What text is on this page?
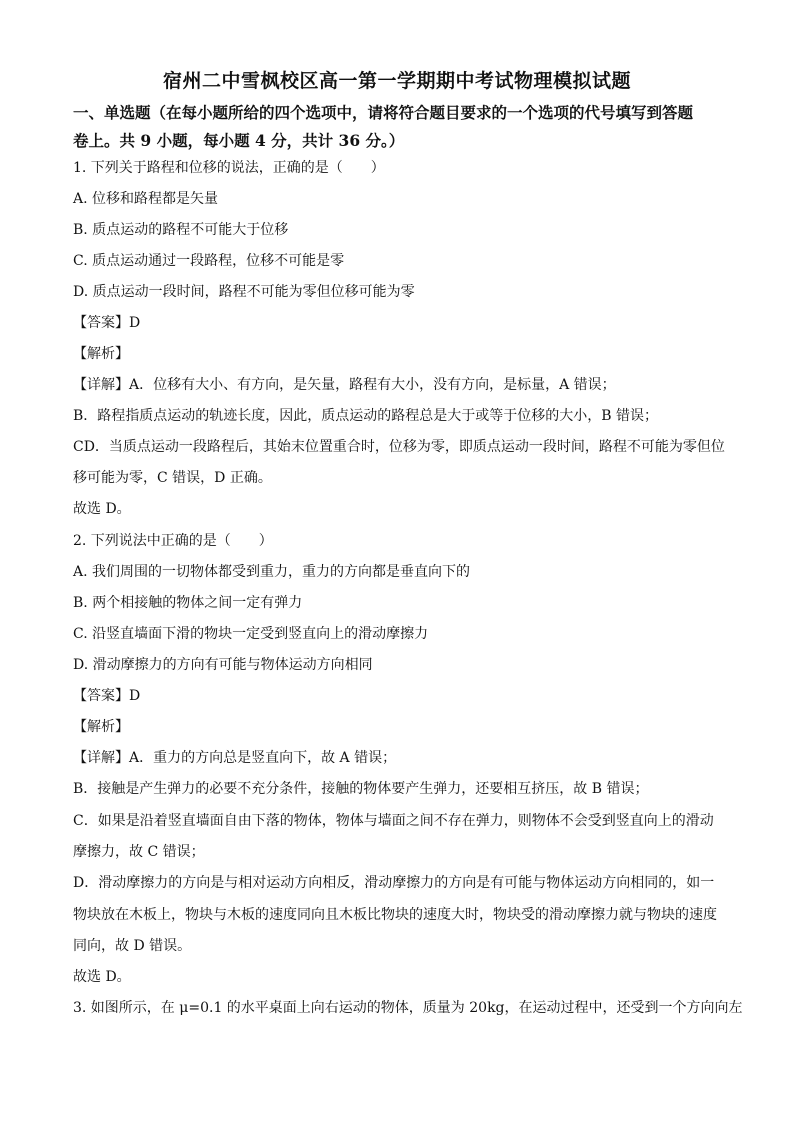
宿州二中雪枫校区高一第一学期期中考试物理模拟试题
一、单选题（在每小题所给的四个选项中，请将符合题目要求的一个选项的代号填写到答题
卷上。共 9 小题，每小题 4 分，共计 36 分。）
1. 下列关于路程和位移的说法，正确的是（　　）
A. 位移和路程都是矢量
B. 质点运动的路程不可能大于位移
C. 质点运动通过一段路程，位移不可能是零
D. 质点运动一段时间，路程不可能为零但位移可能为零
【答案】D
【解析】
【详解】A．位移有大小、有方向，是矢量，路程有大小，没有方向，是标量，A 错误；
B．路程指质点运动的轨迹长度，因此，质点运动的路程总是大于或等于位移的大小，B 错误；
CD．当质点运动一段路程后，其始末位置重合时，位移为零，即质点运动一段时间，路程不可能为零但位
移可能为零，C 错误，D 正确。
故选 D。
2. 下列说法中正确的是（　　）
A. 我们周围的一切物体都受到重力，重力的方向都是垂直向下的
B. 两个相接触的物体之间一定有弹力
C. 沿竖直墙面下滑的物块一定受到竖直向上的滑动摩擦力
D. 滑动摩擦力的方向有可能与物体运动方向相同
【答案】D
【解析】
【详解】A．重力的方向总是竖直向下，故 A 错误；
B．接触是产生弹力的必要不充分条件，接触的物体要产生弹力，还要相互挤压，故 B 错误；
C．如果是沿着竖直墙面自由下落的物体，物体与墙面之间不存在弹力，则物体不会受到竖直向上的滑动
摩擦力，故 C 错误；
D．滑动摩擦力的方向是与相对运动方向相反，滑动摩擦力的方向是有可能与物体运动方向相同的，如一
物块放在木板上，物块与木板的速度同向且木板比物块的速度大时，物块受的滑动摩擦力就与物块的速度
同向，故 D 错误。
故选 D。
3. 如图所示，在 μ=0.1 的水平桌面上向右运动的物体，质量为 20kg，在运动过程中，还受到一个方向向左
